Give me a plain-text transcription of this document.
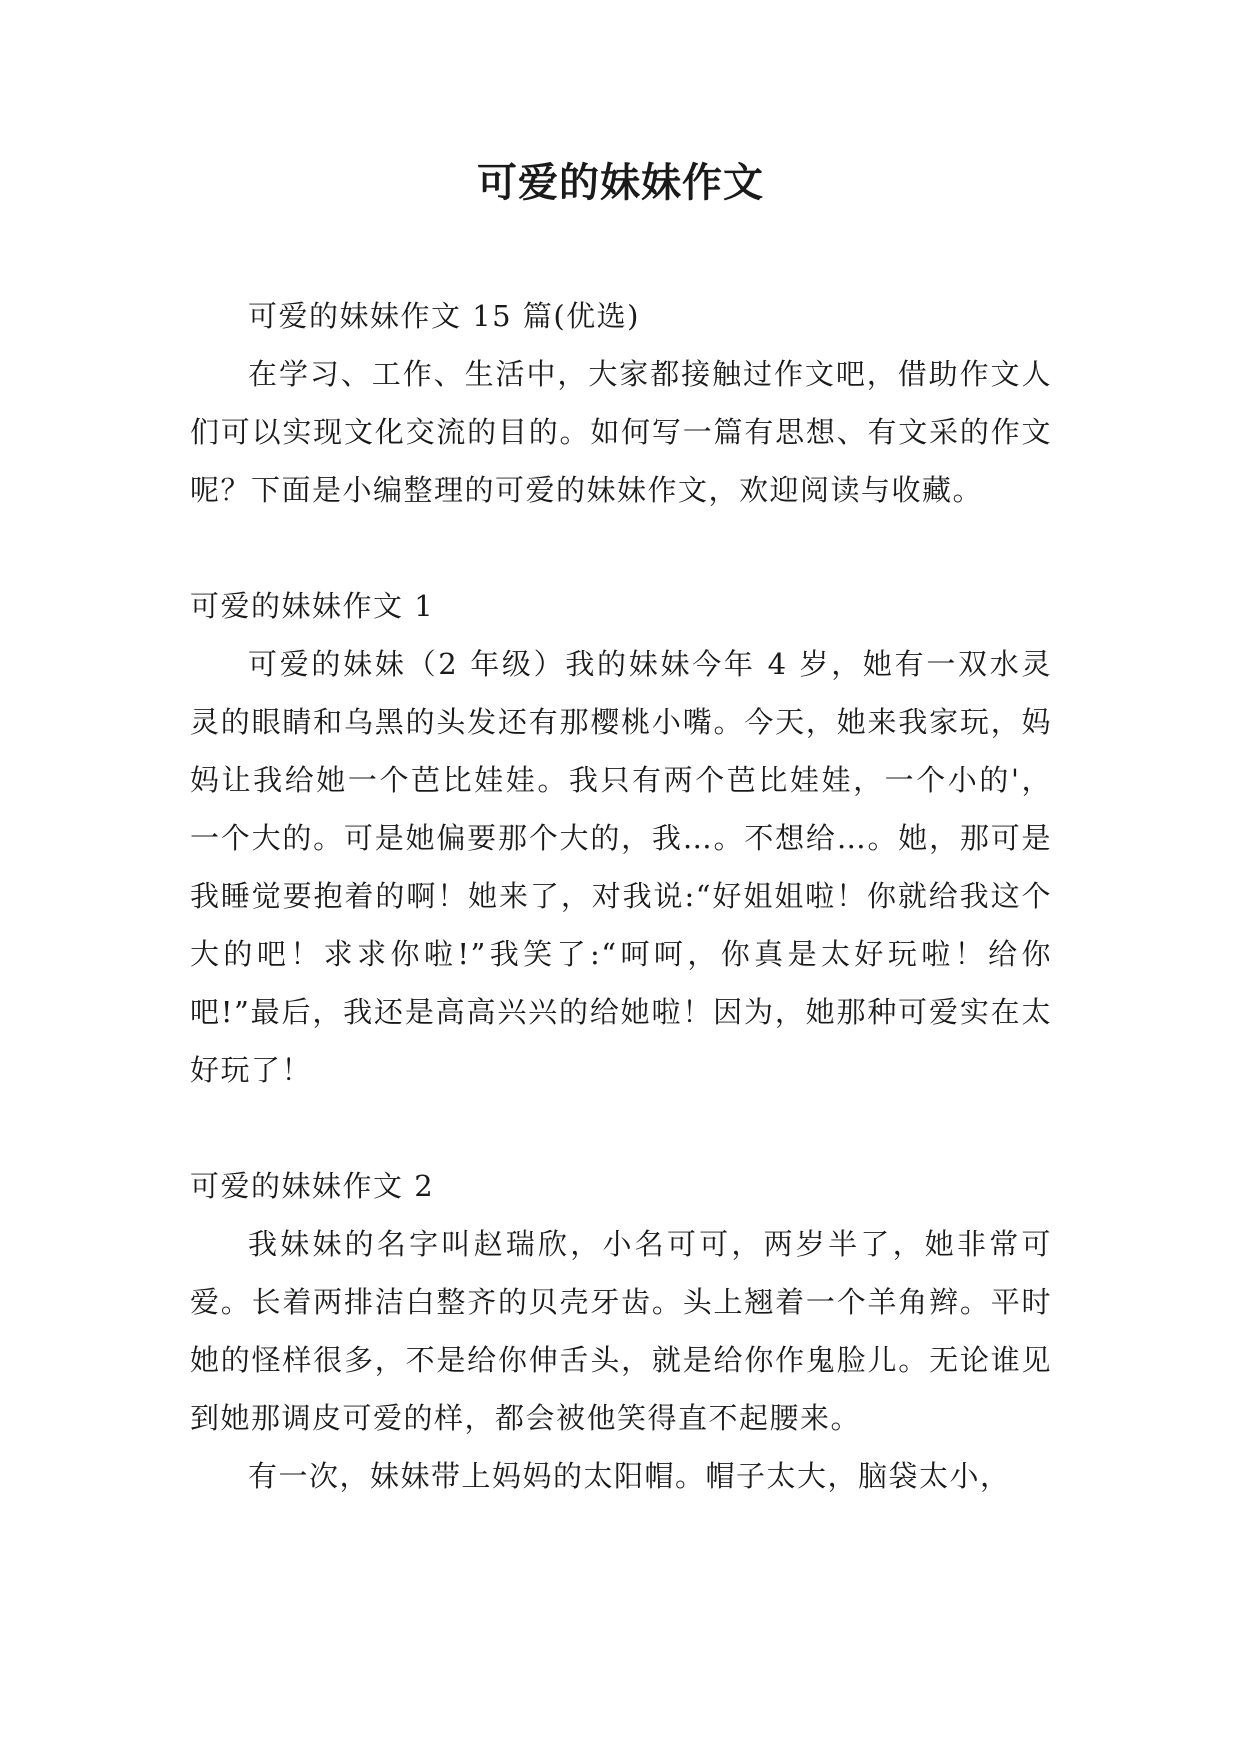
可爱的妹妹作文

可爱的妹妹作文 15 篇(优选)

在学习、工作、生活中，大家都接触过作文吧，借助作文人们可以实现文化交流的目的。如何写一篇有思想、有文采的作文呢？下面是小编整理的可爱的妹妹作文，欢迎阅读与收藏。

可爱的妹妹作文 1

可爱的妹妹（2 年级）我的妹妹今年 4 岁，她有一双水灵灵的眼睛和乌黑的头发还有那樱桃小嘴。今天，她来我家玩，妈妈让我给她一个芭比娃娃。我只有两个芭比娃娃，一个小的'，一个大的。可是她偏要那个大的，我…。不想给…。她，那可是我睡觉要抱着的啊！她来了，对我说:“好姐姐啦！你就给我这个大的吧！求求你啦!”我笑了:“呵呵，你真是太好玩啦！给你吧!”最后，我还是高高兴兴的给她啦！因为，她那种可爱实在太好玩了！

可爱的妹妹作文 2

我妹妹的名字叫赵瑞欣，小名可可，两岁半了，她非常可爱。长着两排洁白整齐的贝壳牙齿。头上翘着一个羊角辫。平时她的怪样很多，不是给你伸舌头，就是给你作鬼脸儿。无论谁见到她那调皮可爱的样，都会被他笑得直不起腰来。

有一次，妹妹带上妈妈的太阳帽。帽子太大，脑袋太小，
